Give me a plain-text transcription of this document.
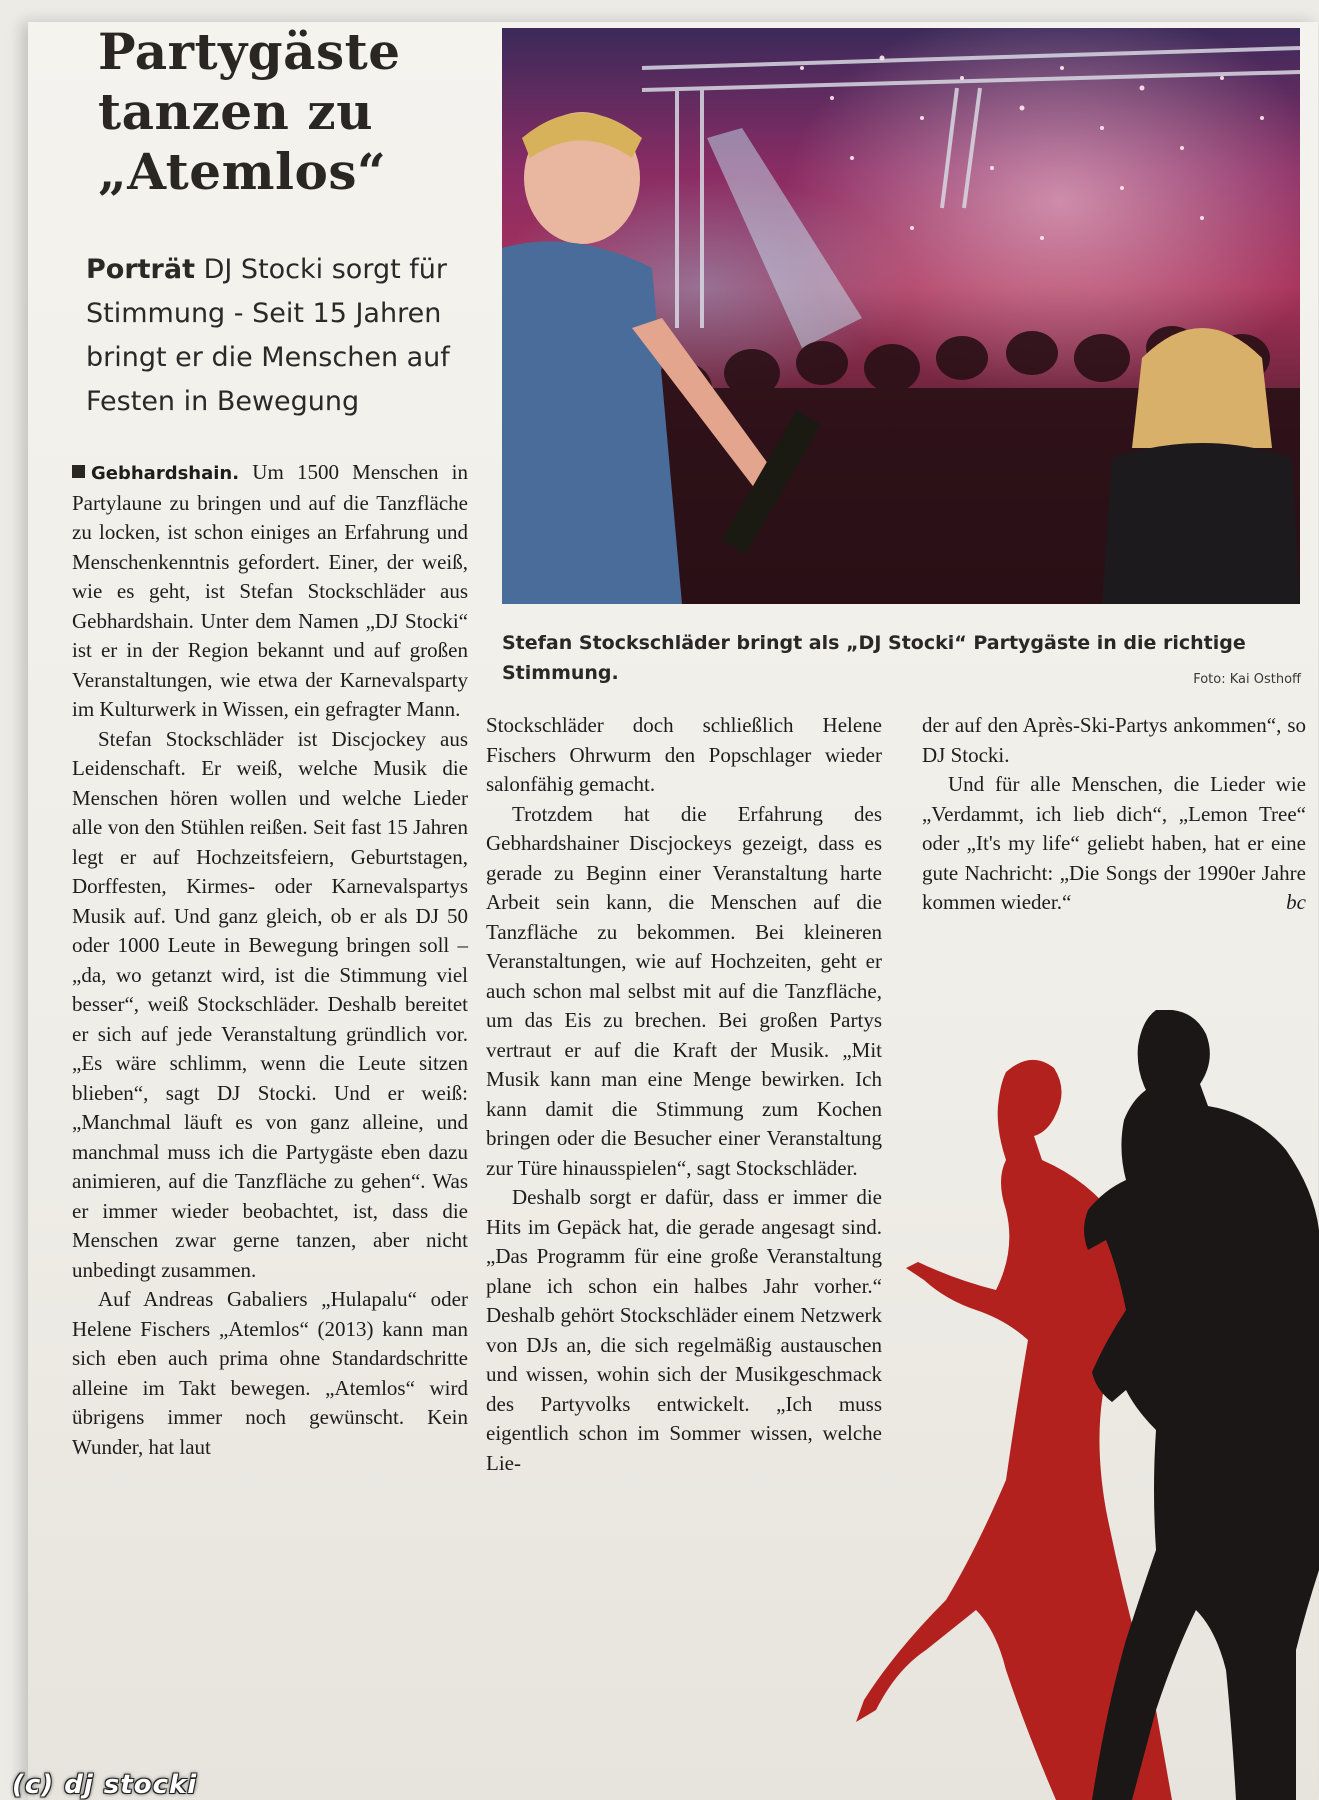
Partygäste
tanzen zu
„Atemlos“
Porträt DJ Stocki sorgt für Stimmung - Seit 15 Jahren bringt er die Menschen auf Festen in Bewegung
Stefan Stockschläder bringt als „DJ Stocki“ Partygäste in die richtige Stimmung.	Foto: Kai Osthoff

Gebhardshain. Um 1500 Menschen in Partylaune zu bringen und auf die Tanzfläche zu locken, ist schon einiges an Erfahrung und Menschenkenntnis gefordert. Einer, der weiß, wie es geht, ist Stefan Stockschläder aus Gebhardshain. Unter dem Namen „DJ Stocki“ ist er in der Region bekannt und auf großen Veranstaltungen, wie etwa der Karnevalsparty im Kulturwerk in Wissen, ein gefragter Mann.

Stefan Stockschläder ist Discjockey aus Leidenschaft. Er weiß, welche Musik die Menschen hören wollen und welche Lieder alle von den Stühlen reißen. Seit fast 15 Jahren legt er auf Hochzeitsfeiern, Geburtstagen, Dorffesten, Kirmes- oder Karnevalspartys Musik auf. Und ganz gleich, ob er als DJ 50 oder 1000 Leute in Bewegung bringen soll – „da, wo getanzt wird, ist die Stimmung viel besser“, weiß Stockschläder. Deshalb bereitet er sich auf jede Veranstaltung gründlich vor. „Es wäre schlimm, wenn die Leute sitzen blieben“, sagt DJ Stocki. Und er weiß: „Manchmal läuft es von ganz alleine, und manchmal muss ich die Partygäste eben dazu animieren, auf die Tanzfläche zu gehen“. Was er immer wieder beobachtet, ist, dass die Menschen zwar gerne tanzen, aber nicht unbedingt zusammen.

Auf Andreas Gabaliers „Hulapalu“ oder Helene Fischers „Atemlos“ (2013) kann man sich eben auch prima ohne Standardschritte alleine im Takt bewegen. „Atemlos“ wird übrigens immer noch gewünscht. Kein Wunder, hat laut

Stockschläder doch schließlich Helene Fischers Ohrwurm den Popschlager wieder salonfähig gemacht.

Trotzdem hat die Erfahrung des Gebhardshainer Discjockeys gezeigt, dass es gerade zu Beginn einer Veranstaltung harte Arbeit sein kann, die Menschen auf die Tanzfläche zu bekommen. Bei kleineren Veranstaltungen, wie auf Hochzeiten, geht er auch schon mal selbst mit auf die Tanzfläche, um das Eis zu brechen. Bei großen Partys vertraut er auf die Kraft der Musik. „Mit Musik kann man eine Menge bewirken. Ich kann damit die Stimmung zum Kochen bringen oder die Besucher einer Veranstaltung zur Türe hinausspielen“, sagt Stockschläder.

Deshalb sorgt er dafür, dass er immer die Hits im Gepäck hat, die gerade angesagt sind. „Das Programm für eine große Veranstaltung plane ich schon ein halbes Jahr vorher.“ Deshalb gehört Stockschläder einem Netzwerk von DJs an, die sich regelmäßig austauschen und wissen, wohin sich der Musikgeschmack des Partyvolks entwickelt. „Ich muss eigentlich schon im Sommer wissen, welche Lie-

der auf den Après-Ski-Partys ankommen“, so DJ Stocki.

Und für alle Menschen, die Lieder wie „Verdammt, ich lieb dich“, „Lemon Tree“ oder „It's my life“ geliebt haben, hat er eine gute Nachricht: „Die Songs der 1990er Jahre kommen wieder.“	bc

(c) dj stocki
